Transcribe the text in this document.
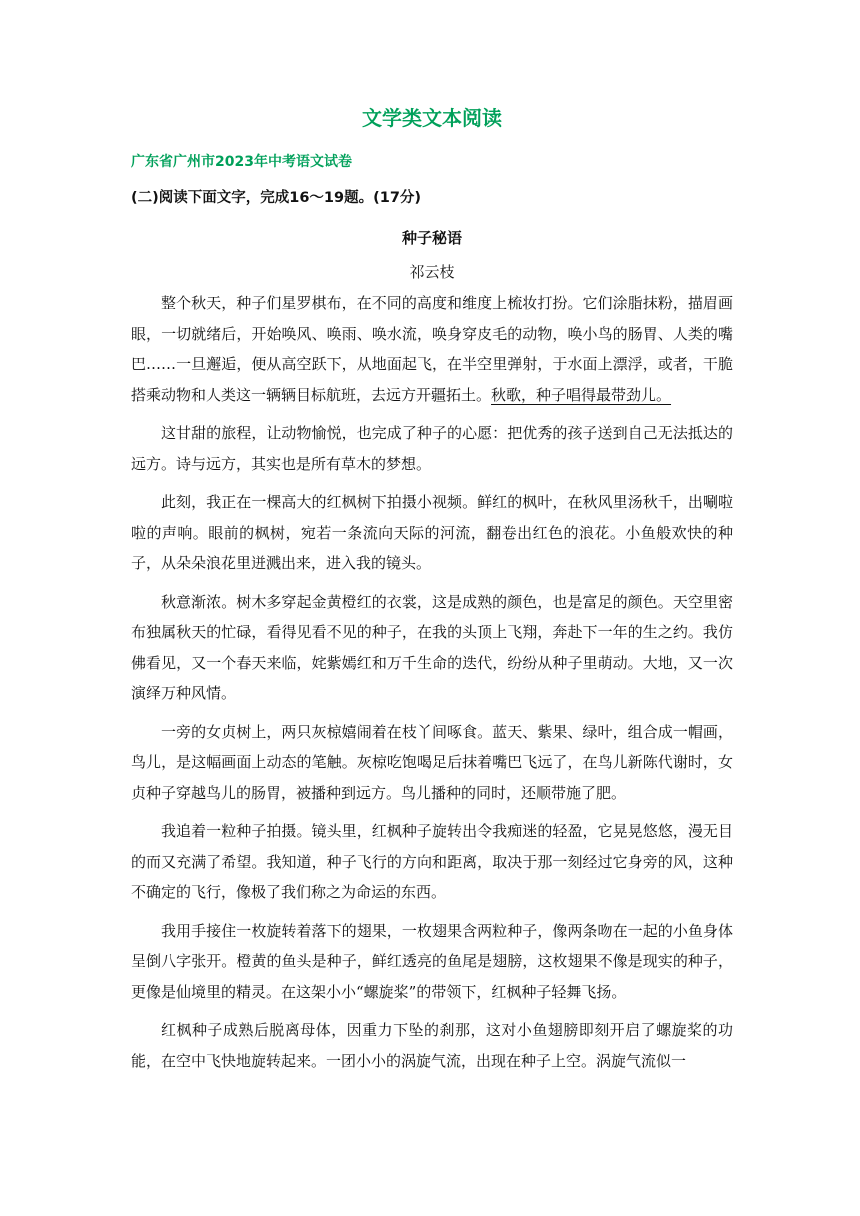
文学类文本阅读

广东省广州市2023年中考语文试卷

(二)阅读下面文字，完成16～19题。(17分)

种子秘语

祁云枝

整个秋天，种子们星罗棋布，在不同的高度和维度上梳妆打扮。它们涂脂抹粉，描眉画眼，一切就绪后，开始唤风、唤雨、唤水流，唤身穿皮毛的动物，唤小鸟的肠胃、人类的嘴巴……一旦邂逅，便从高空跃下，从地面起飞，在半空里弹射，于水面上漂浮，或者，干脆搭乘动物和人类这一辆辆目标航班，去远方开疆拓土。秋歌，种子唱得最带劲儿。

这甘甜的旅程，让动物愉悦，也完成了种子的心愿：把优秀的孩子送到自己无法抵达的远方。诗与远方，其实也是所有草木的梦想。

此刻，我正在一棵高大的红枫树下拍摄小视频。鲜红的枫叶，在秋风里汤秋千，出唰啦啦的声响。眼前的枫树，宛若一条流向天际的河流，翻卷出红色的浪花。小鱼般欢快的种子，从朵朵浪花里迸溅出来，进入我的镜头。

秋意渐浓。树木多穿起金黄橙红的衣裳，这是成熟的颜色，也是富足的颜色。天空里密布独属秋天的忙碌，看得见看不见的种子，在我的头顶上飞翔，奔赴下一年的生之约。我仿佛看见，又一个春天来临，姹紫嫣红和万千生命的迭代，纷纷从种子里萌动。大地，又一次演绎万种风情。

一旁的女贞树上，两只灰椋嬉闹着在枝丫间啄食。蓝天、紫果、绿叶，组合成一帽画，鸟儿，是这幅画面上动态的笔触。灰椋吃饱喝足后抹着嘴巴飞远了，在鸟儿新陈代谢时，女贞种子穿越鸟儿的肠胃，被播种到远方。鸟儿播种的同时，还顺带施了肥。

我追着一粒种子拍摄。镜头里，红枫种子旋转出令我痴迷的轻盈，它晃晃悠悠，漫无目的而又充满了希望。我知道，种子飞行的方向和距离，取决于那一刻经过它身旁的风，这种不确定的飞行，像极了我们称之为命运的东西。

我用手接住一枚旋转着落下的翅果，一枚翅果含两粒种子，像两条吻在一起的小鱼身体呈倒八字张开。橙黄的鱼头是种子，鲜红透亮的鱼尾是翅膀，这枚翅果不像是现实的种子，更像是仙境里的精灵。在这架小小“螺旋桨”的带领下，红枫种子轻舞飞扬。

红枫种子成熟后脱离母体，因重力下坠的刹那，这对小鱼翅膀即刻开启了螺旋桨的功能，在空中飞快地旋转起来。一团小小的涡旋气流，出现在种子上空。涡旋气流似一
